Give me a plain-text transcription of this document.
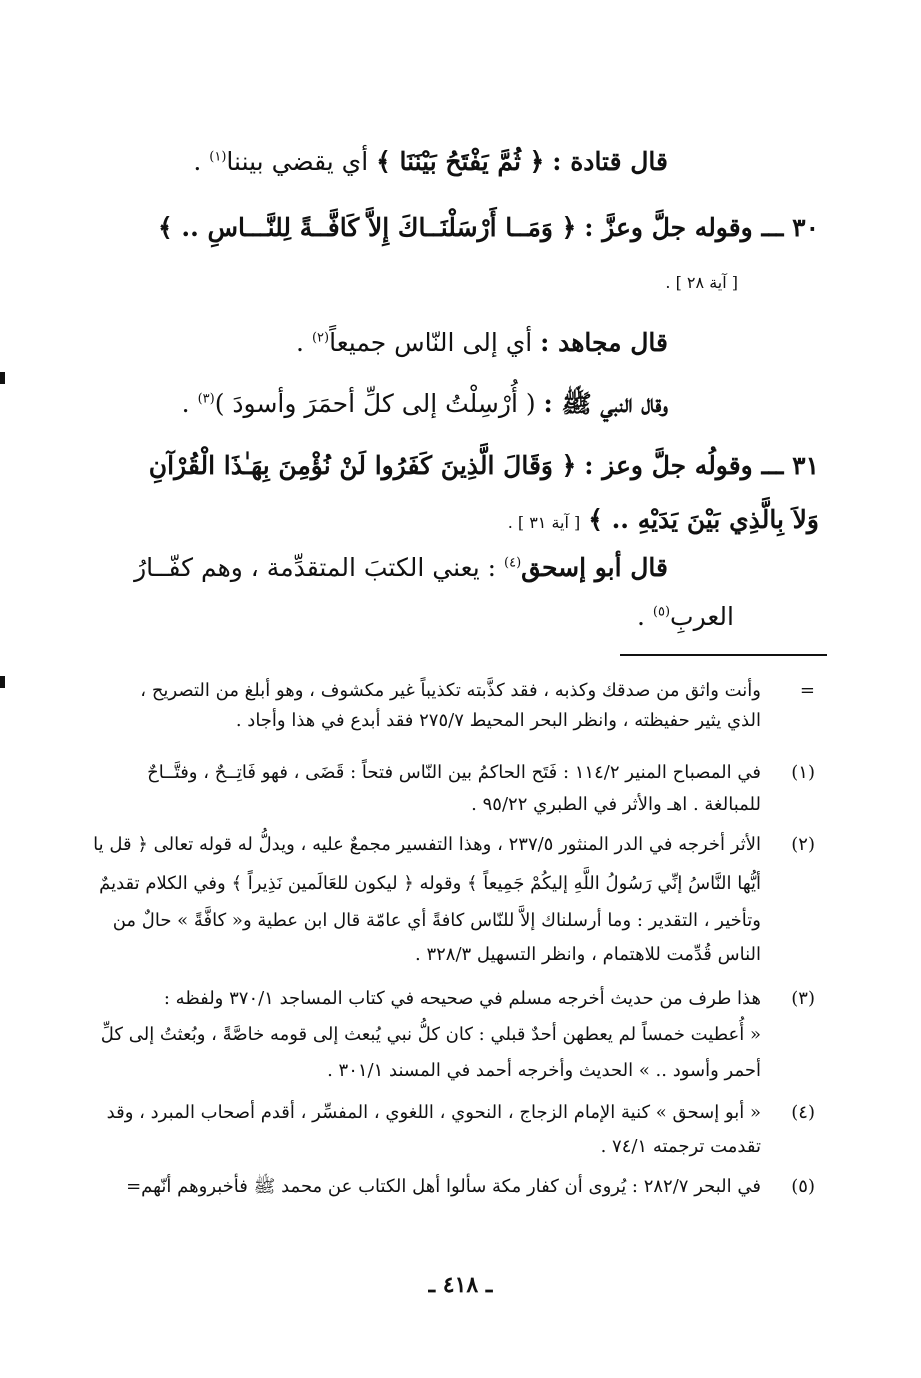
قال قتادة : ﴿ ثُمَّ يَفْتَحُ بَيْنَنَا ﴾ أي يقضي بيننا$^{(١)}$ .
٣٠ ـــ وقوله جلَّ وعزَّ : ﴿ وَمَــا أَرْسَلْنَــاكَ إِلاَّ كَافَّــةً لِلنَّـــاسِ .. ﴾
[ آية ٢٨ ] .
قال مجاهد : أي إلى النّاس جميعاً$^{(٢)}$ .
وقال النبي ﷺ : ( أُرْسِلْتُ إلى كلِّ أحمَرَ وأسودَ )$^{(٣)}$ .
٣١ ـــ وقولُه جلَّ وعز : ﴿ وَقَالَ الَّذِينَ كَفَرُوا لَنْ نُؤْمِنَ بِهَـٰذَا الْقُرْآنِ
وَلاَ بِالَّذِي بَيْنَ يَدَيْهِ .. ﴾ [ آية ٣١ ] .
قال أبو إسحق$^{(٤)}$ : يعني الكتبَ المتقدِّمة ، وهم كفّــارُ
العربِ$^{(٥)}$ .
=
وأنت واثق من صدقك وكذبه ، فقد كذَّبته تكذيباً غير مكشوف ، وهو أبلغ من التصريح ،
الذي يثير حفيظته ، وانظر البحر المحيط ٢٧٥/٧ فقد أبدع في هذا وأجاد .
(١)
في المصباح المنير ١١٤/٢ : فَتَح الحاكمُ بين النّاس فتحاً : قَضَى ، فهو فَاتِــحٌ ، وفتَّــاحٌ
للمبالغة . اهـ والأثر في الطبري ٩٥/٢٢ .
(٢)
الأثر أخرجه في الدر المنثور ٢٣٧/٥ ، وهذا التفسير مجمعٌ عليه ، ويدلُّ له قوله تعالى ﴿ قل يا
أيُّها النَّاسُ إنِّي رَسُولُ اللَّهِ إليكُمْ جَمِيعاً ﴾ وقوله ﴿ ليكون للعَالَمين نَذِيراً ﴾ وفي الكلام تقديمٌ
وتأخير ، التقدير : وما أرسلناك إلاَّ للنّاس كافةً أي عامّة قال ابن عطية و« كافَّةً » حالٌ من
الناس قُدِّمت للاهتمام ، وانظر التسهيل ٣٢٨/٣ .
(٣)
هذا طرف من حديث أخرجه مسلم في صحيحه في كتاب المساجد ٣٧٠/١ ولفظه :
« أُعطيت خمساً لم يعطهن أحدٌ قبلي : كان كلُّ نبي يُبعث إلى قومه خاصَّةً ، وبُعثتُ إلى كلِّ
أحمر وأسود .. » الحديث وأخرجه أحمد في المسند ٣٠١/١ .
(٤)
« أبو إسحق » كنية الإمام الزجاج ، النحوي ، اللغوي ، المفسِّر ، أقدم أصحاب المبرد ، وقد
تقدمت ترجمته ٧٤/١ .
(٥)
في البحر ٢٨٢/٧ : يُروى أن كفار مكة سألوا أهل الكتاب عن محمد ﷺ فأخبروهم أنّهم=
ـ ٤١٨ ـ
